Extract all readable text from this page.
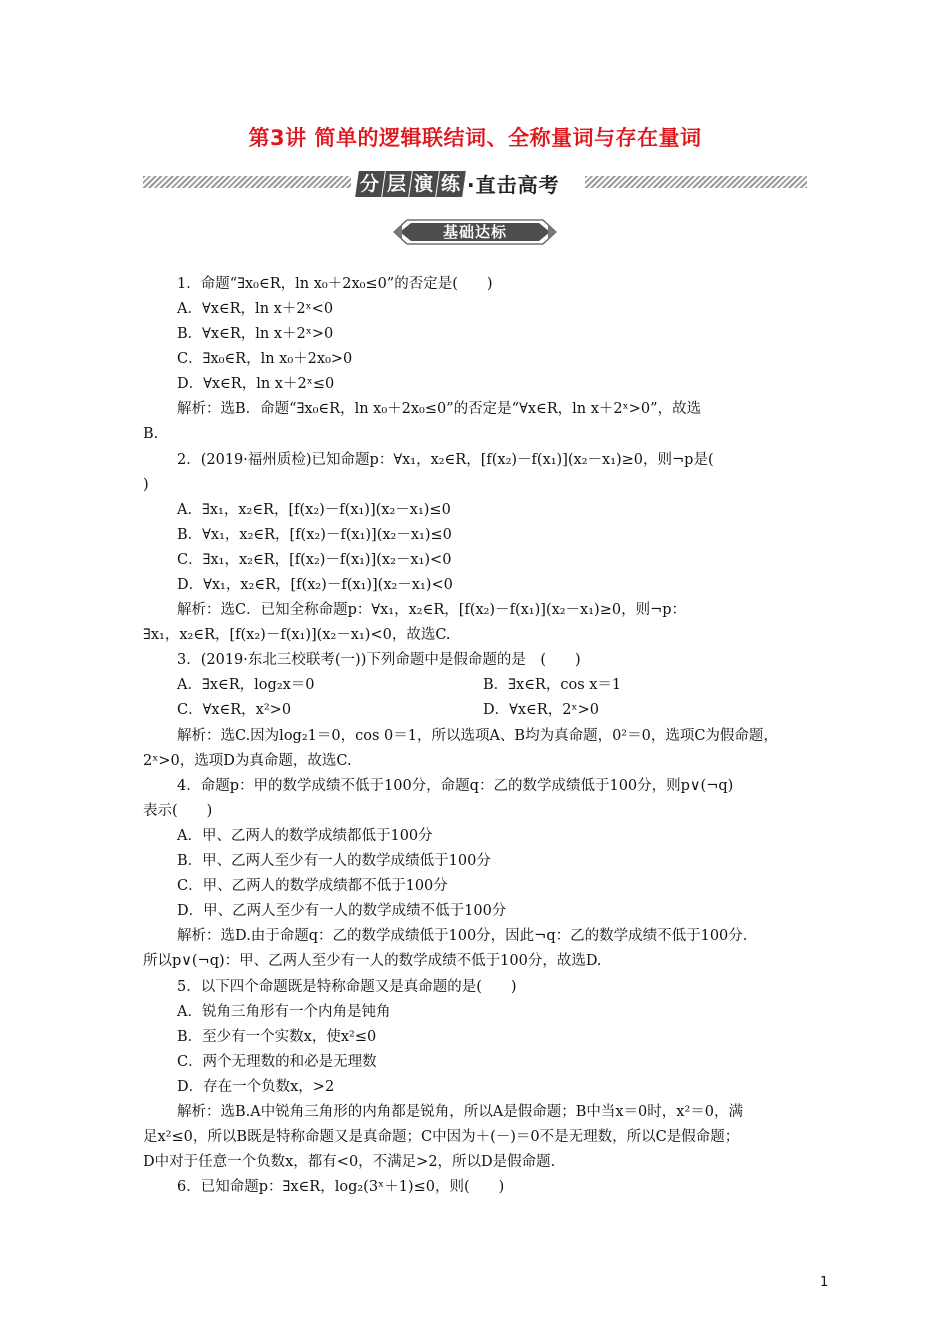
第3讲 简单的逻辑联结词、全称量词与存在量词
分 层 演 练 ·直击高考
基础达标
1．命题“∃x₀∈R，ln x₀＋2x₀≤0”的否定是(　　)
A．∀x∈R，ln x＋2ˣ<0
B．∀x∈R，ln x＋2ˣ>0
C．∃x₀∈R，ln x₀＋2x₀>0
D．∀x∈R，ln x＋2ˣ≤0
解析：选B．命题“∃x₀∈R，ln x₀＋2x₀≤0”的否定是“∀x∈R，ln x＋2ˣ>0”，故选
B.
2．(2019·福州质检)已知命题p：∀x₁，x₂∈R，[f(x₂)－f(x₁)](x₂－x₁)≥0，则¬p是(
)
A．∃x₁，x₂∈R，[f(x₂)－f(x₁)](x₂－x₁)≤0
B．∀x₁，x₂∈R，[f(x₂)－f(x₁)](x₂－x₁)≤0
C．∃x₁，x₂∈R，[f(x₂)－f(x₁)](x₂－x₁)<0
D．∀x₁，x₂∈R，[f(x₂)－f(x₁)](x₂－x₁)<0
解析：选C．已知全称命题p：∀x₁，x₂∈R，[f(x₂)－f(x₁)](x₂－x₁)≥0，则¬p：
∃x₁，x₂∈R，[f(x₂)－f(x₁)](x₂－x₁)<0，故选C.
3．(2019·东北三校联考(一))下列命题中是假命题的是　(　　)
A．∃x∈R，log₂x＝0	B．∃x∈R，cos x＝1
C．∀x∈R，x²>0	D．∀x∈R，2ˣ>0
解析：选C.因为log₂1＝0，cos 0＝1，所以选项A、B均为真命题，0²＝0，选项C为假命题，
2ˣ>0，选项D为真命题，故选C.
4．命题p：甲的数学成绩不低于100分，命题q：乙的数学成绩低于100分，则p∨(¬q)
表示(　　)
A．甲、乙两人的数学成绩都低于100分
B．甲、乙两人至少有一人的数学成绩低于100分
C．甲、乙两人的数学成绩都不低于100分
D．甲、乙两人至少有一人的数学成绩不低于100分
解析：选D.由于命题q：乙的数学成绩低于100分，因此¬q：乙的数学成绩不低于100分.
所以p∨(¬q)：甲、乙两人至少有一人的数学成绩不低于100分，故选D.
5．以下四个命题既是特称命题又是真命题的是(　　)
A．锐角三角形有一个内角是钝角
B．至少有一个实数x，使x²≤0
C．两个无理数的和必是无理数
D．存在一个负数x，>2
解析：选B.A中锐角三角形的内角都是锐角，所以A是假命题；B中当x＝0时，x²＝0，满
足x²≤0，所以B既是特称命题又是真命题；C中因为＋(－)＝0不是无理数，所以C是假命题；
D中对于任意一个负数x，都有<0，不满足>2，所以D是假命题.
6．已知命题p：∃x∈R，log₂(3ˣ＋1)≤0，则(　　)
1
